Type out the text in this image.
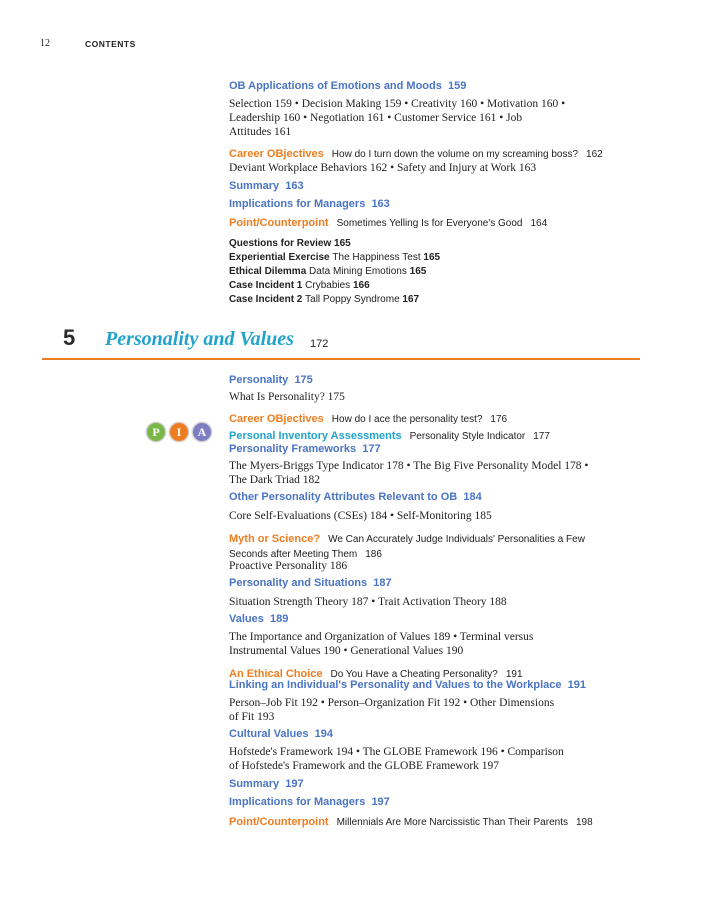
12	CONTENTS
OB Applications of Emotions and Moods 159
Selection 159 • Decision Making 159 • Creativity 160 • Motivation 160 •
Leadership 160 • Negotiation 161 • Customer Service 161 • Job
Attitudes 161
Career OBjectives How do I turn down the volume on my screaming boss? 162
Deviant Workplace Behaviors 162 • Safety and Injury at Work 163
Summary 163
Implications for Managers 163
Point/Counterpoint Sometimes Yelling Is for Everyone's Good 164
Questions for Review 165
Experiential Exercise The Happiness Test 165
Ethical Dilemma Data Mining Emotions 165
Case Incident 1 Crybabies 166
Case Incident 2 Tall Poppy Syndrome 167
5 Personality and Values 172
Personality 175
What Is Personality? 175
Career OBjectives How do I ace the personality test? 176
P	I	A	Personal Inventory Assessments Personality Style Indicator 177
Personality Frameworks 177
The Myers-Briggs Type Indicator 178 • The Big Five Personality Model 178 •
The Dark Triad 182
Other Personality Attributes Relevant to OB 184
Core Self-Evaluations (CSEs) 184 • Self-Monitoring 185
Myth or Science? We Can Accurately Judge Individuals' Personalities a Few
Seconds after Meeting Them 186
Proactive Personality 186
Personality and Situations 187
Situation Strength Theory 187 • Trait Activation Theory 188
Values 189
The Importance and Organization of Values 189 • Terminal versus
Instrumental Values 190 • Generational Values 190
An Ethical Choice Do You Have a Cheating Personality? 191
Linking an Individual's Personality and Values to the Workplace 191
Person–Job Fit 192 • Person–Organization Fit 192 • Other Dimensions
of Fit 193
Cultural Values 194
Hofstede's Framework 194 • The GLOBE Framework 196 • Comparison
of Hofstede's Framework and the GLOBE Framework 197
Summary 197
Implications for Managers 197
Point/Counterpoint Millennials Are More Narcissistic Than Their Parents 198
